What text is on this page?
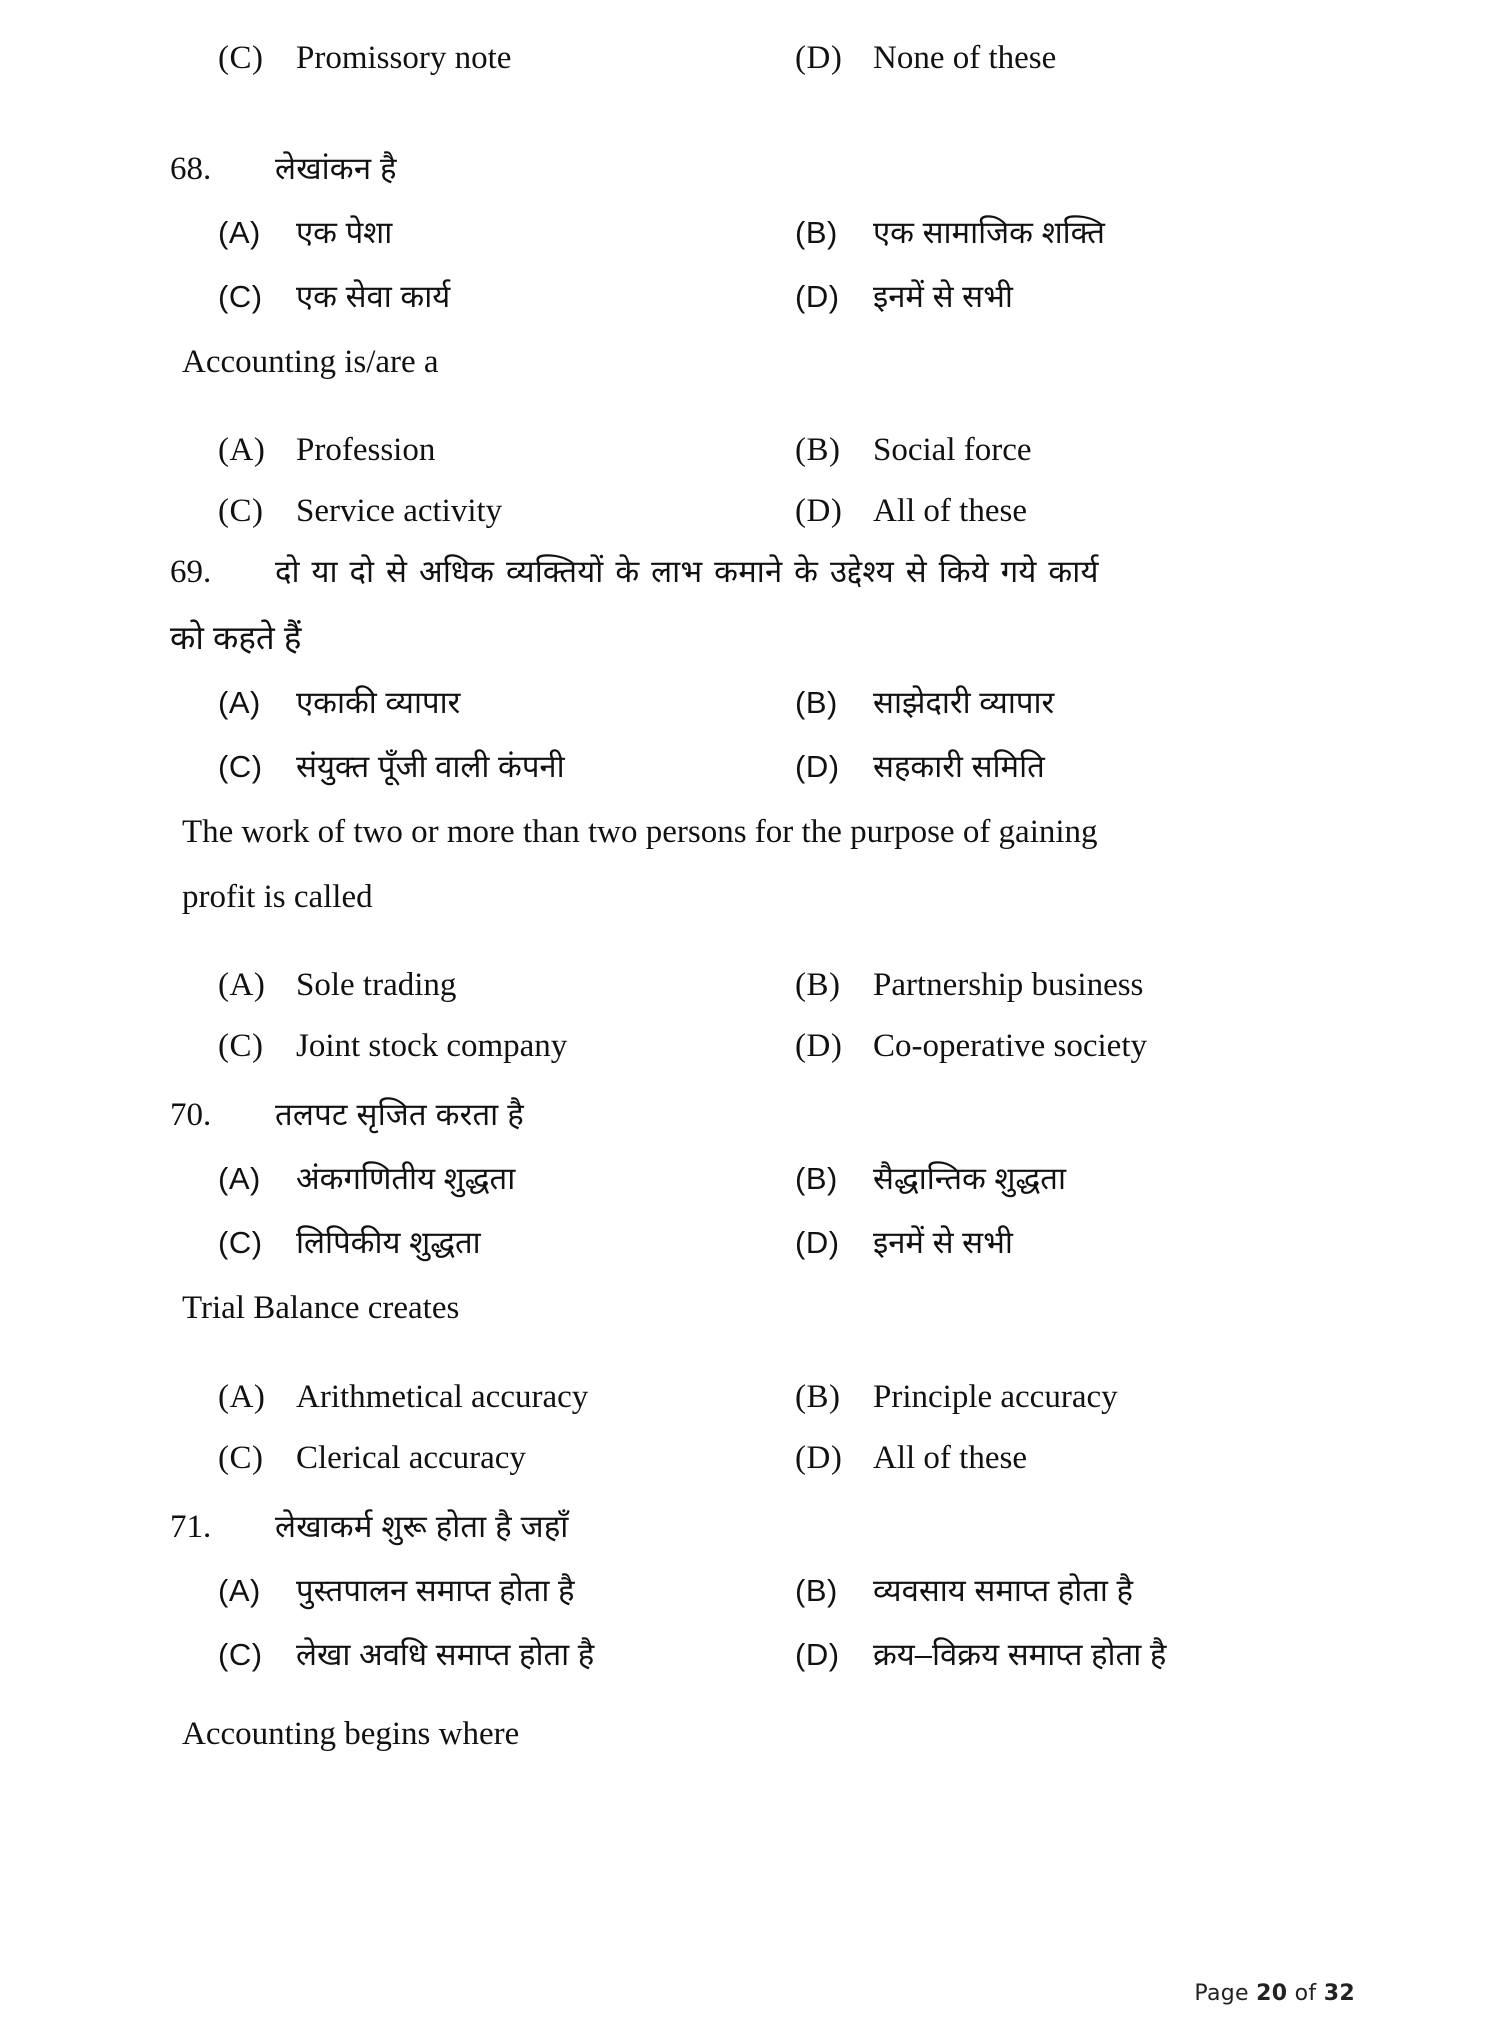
(C) Promissory note	(D) None of these
68.	लेखांकन है
(A)	एक पेशा	(B)	एक सामाजिक शक्ति
(C)	एक सेवा कार्य	(D)	इनमें से सभी
Accounting is/are a
(A) Profession	(B) Social force
(C) Service activity	(D) All of these
69.	दो या दो से अधिक व्यक्तियों के लाभ कमाने के उद्देश्य से किये गये कार्य
को कहते हैं
(A)	एकाकी व्यापार	(B)	साझेदारी व्यापार
(C)	संयुक्त पूँजी वाली कंपनी	(D)	सहकारी समिति
The work of two or more than two persons for the purpose of gaining
profit is called
(A) Sole trading	(B) Partnership business
(C) Joint stock company	(D) Co-operative society
70.	तलपट सृजित करता है
(A)	अंकगणितीय शुद्धता	(B)	सैद्धान्तिक शुद्धता
(C)	लिपिकीय शुद्धता	(D)	इनमें से सभी
Trial Balance creates
(A) Arithmetical accuracy	(B) Principle accuracy
(C) Clerical accuracy	(D) All of these
71.	लेखाकर्म शुरू होता है जहाँ
(A)	पुस्तपालन समाप्त होता है	(B)	व्यवसाय समाप्त होता है
(C)	लेखा अवधि समाप्त होता है	(D)	क्रय–विक्रय समाप्त होता है
Accounting begins where
Page 20 of 32
